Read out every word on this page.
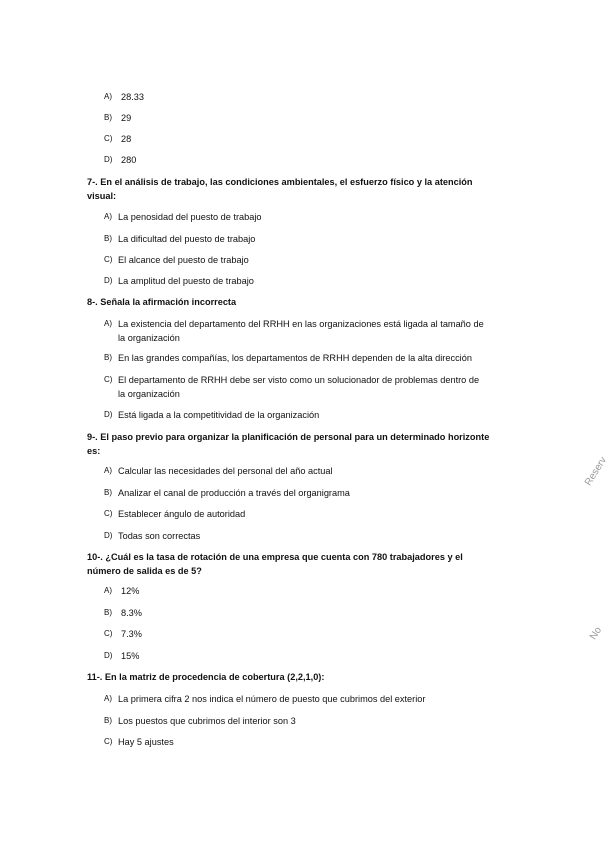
A) 28.33
B) 29
C) 28
D) 280
7-. En el análisis de trabajo, las condiciones ambientales, el esfuerzo físico y la atención visual:
A) La penosidad del puesto de trabajo
B) La dificultad del puesto de trabajo
C) El alcance del puesto de trabajo
D) La amplitud del puesto de trabajo
8-. Señala la afirmación incorrecta
A) La existencia del departamento del RRHH en las organizaciones está ligada al tamaño de la organización
B) En las grandes compañías, los departamentos de RRHH dependen de la alta dirección
C) El departamento de RRHH debe ser visto como un solucionador de problemas dentro de la organización
D) Está ligada a la competitividad de la organización
9-. El paso previo para organizar la planificación de personal para un determinado horizonte es:
A) Calcular las necesidades del personal del año actual
B) Analizar el canal de producción a través del organigrama
C) Establecer ángulo de autoridad
D) Todas son correctas
10-. ¿Cuál es la tasa de rotación de una empresa que cuenta con 780 trabajadores y el número de salida es de 5?
A) 12%
B) 8.3%
C) 7.3%
D) 15%
11-. En la matriz de procedencia de cobertura (2,2,1,0):
A) La primera cifra 2 nos indica el número de puesto que cubrimos del exterior
B) Los puestos que cubrimos del interior son 3
C) Hay 5 ajustes
Reserv
No
